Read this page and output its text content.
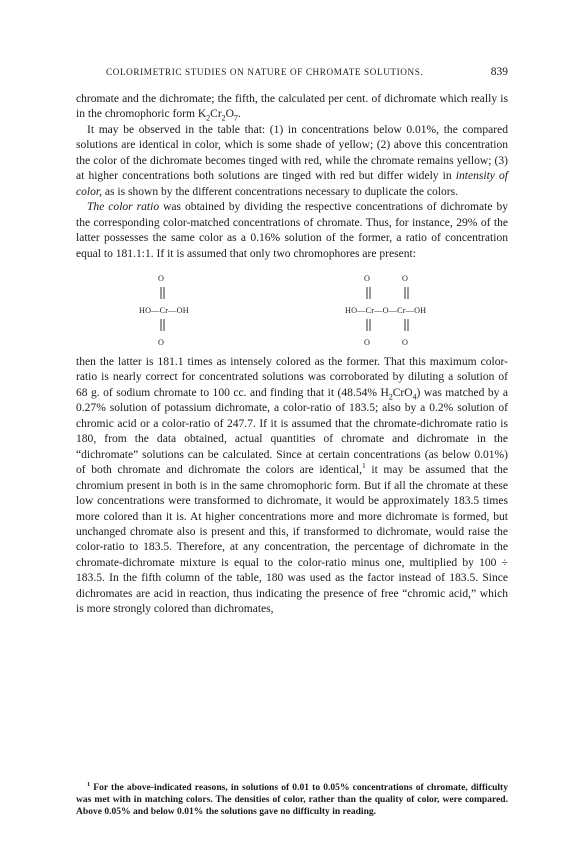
COLORIMETRIC STUDIES ON NATURE OF CHROMATE SOLUTIONS.	839

chromate and the dichromate; the fifth, the calculated per cent. of dichromate which really is in the chromophoric form $K_2Cr_2O_7$.

It may be observed in the table that: (1) in concentrations below 0.01%, the compared solutions are identical in color, which is some shade of yellow; (2) above this concentration the color of the dichromate becomes tinged with red, while the chromate remains yellow; (3) at higher concentrations both solutions are tinged with red but differ widely in intensity of color, as is shown by the different concentrations necessary to duplicate the colors.

The color ratio was obtained by dividing the respective concentrations of dichromate by the corresponding color-matched concentrations of chromate. Thus, for instance, 29% of the latter possesses the same color as a 0.16% solution of the former, a ratio of concentration equal to 181.1:1. If it is assumed that only two chromophores are present:

O
HO—Cr—OH
O
O	O
HO—Cr—O—Cr—OH
O	O

then the latter is 181.1 times as intensely colored as the former. That this maximum color-ratio is nearly correct for concentrated solutions was corroborated by diluting a solution of 68 g. of sodium chromate to 100 cc. and finding that it (48.54% $H_2CrO_4$) was matched by a 0.27% solution of potassium dichromate, a color-ratio of 183.5; also by a 0.2% solution of chromic acid or a color-ratio of 247.7. If it is assumed that the chromate-dichromate ratio is 180, from the data obtained, actual quantities of chromate and dichromate in the “dichromate” solutions can be calculated. Since at certain concentrations (as below 0.01%) of both chromate and dichromate the colors are identical,$^1$ it may be assumed that the chromium present in both is in the same chromophoric form. But if all the chromate at these low concentrations were transformed to dichromate, it would be approximately 183.5 times more colored than it is. At higher concentrations more and more dichromate is formed, but unchanged chromate also is present and this, if transformed to dichromate, would raise the color-ratio to 183.5. Therefore, at any concentration, the percentage of dichromate in the chromate-dichromate mixture is equal to the color-ratio minus one, multiplied by 100 ÷ 183.5. In the fifth column of the table, 180 was used as the factor instead of 183.5. Since dichromates are acid in reaction, thus indicating the presence of free “chromic acid,” which is more strongly colored than dichromates,

$^1$ For the above-indicated reasons, in solutions of 0.01 to 0.05% concentrations of chromate, difficulty was met with in matching colors. The densities of color, rather than the quality of color, were compared. Above 0.05% and below 0.01% the solutions gave no difficulty in reading.
